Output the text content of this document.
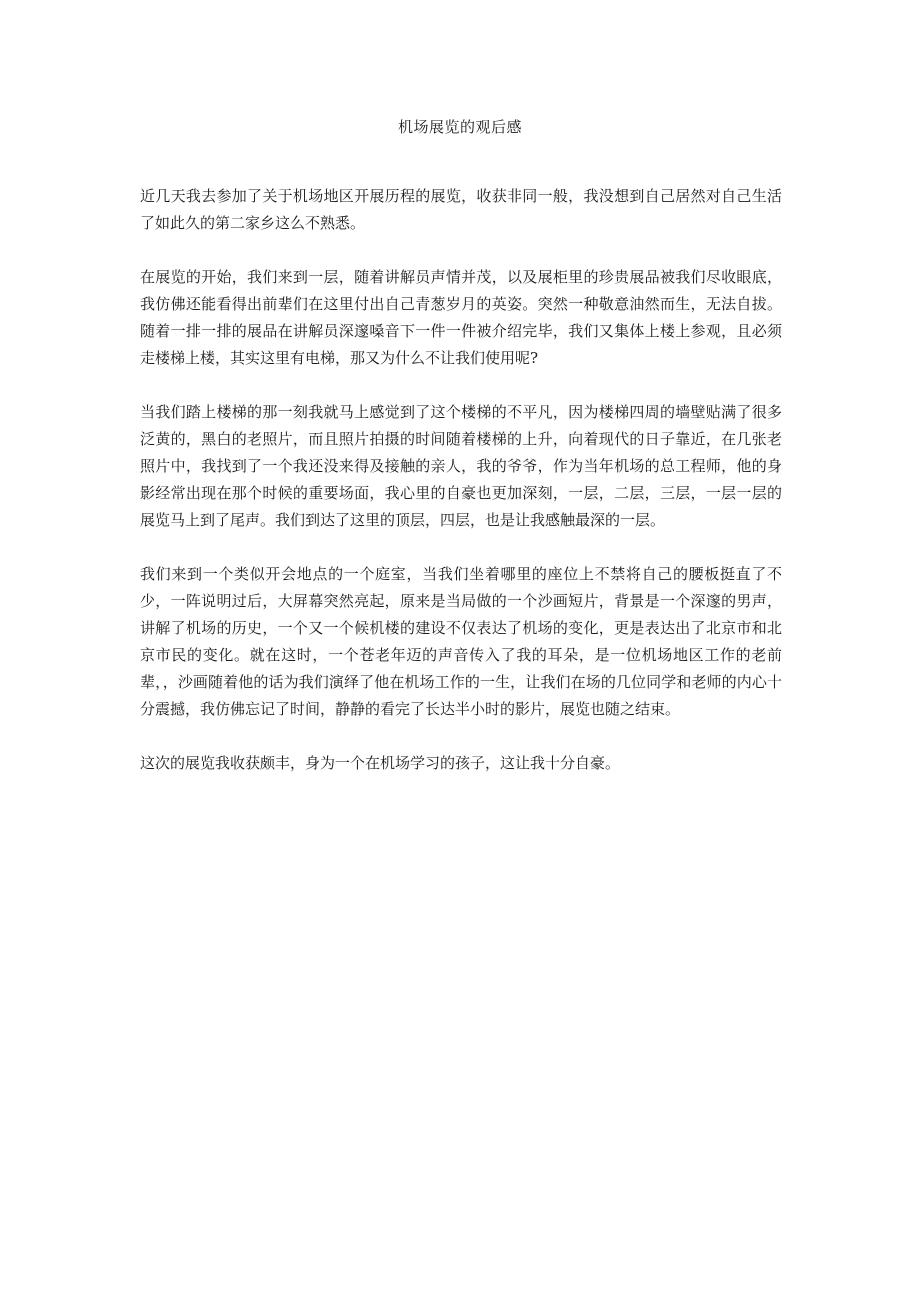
机场展览的观后感

近几天我去参加了关于机场地区开展历程的展览，收获非同一般，我没想到自己居然对自己生活了如此久的第二家乡这么不熟悉。

在展览的开始，我们来到一层，随着讲解员声情并茂，以及展柜里的珍贵展品被我们尽收眼底，我仿佛还能看得出前辈们在这里付出自己青葱岁月的英姿。突然一种敬意油然而生，无法自拔。随着一排一排的展品在讲解员深邃嗓音下一件一件被介绍完毕，我们又集体上楼上参观，且必须走楼梯上楼，其实这里有电梯，那又为什么不让我们使用呢?

当我们踏上楼梯的那一刻我就马上感觉到了这个楼梯的不平凡，因为楼梯四周的墙壁贴满了很多泛黄的，黑白的老照片，而且照片拍摄的时间随着楼梯的上升，向着现代的日子靠近，在几张老照片中，我找到了一个我还没来得及接触的亲人，我的爷爷，作为当年机场的总工程师，他的身影经常出现在那个时候的重要场面，我心里的自豪也更加深刻，一层，二层，三层，一层一层的展览马上到了尾声。我们到达了这里的顶层，四层，也是让我感触最深的一层。

我们来到一个类似开会地点的一个庭室，当我们坐着哪里的座位上不禁将自己的腰板挺直了不少，一阵说明过后，大屏幕突然亮起，原来是当局做的一个沙画短片，背景是一个深邃的男声，讲解了机场的历史，一个又一个候机楼的建设不仅表达了机场的变化，更是表达出了北京市和北京市民的变化。就在这时，一个苍老年迈的声音传入了我的耳朵，是一位机场地区工作的老前辈，，沙画随着他的话为我们演绎了他在机场工作的一生，让我们在场的几位同学和老师的内心十分震撼，我仿佛忘记了时间，静静的看完了长达半小时的影片，展览也随之结束。

这次的展览我收获颇丰，身为一个在机场学习的孩子，这让我十分自豪。
